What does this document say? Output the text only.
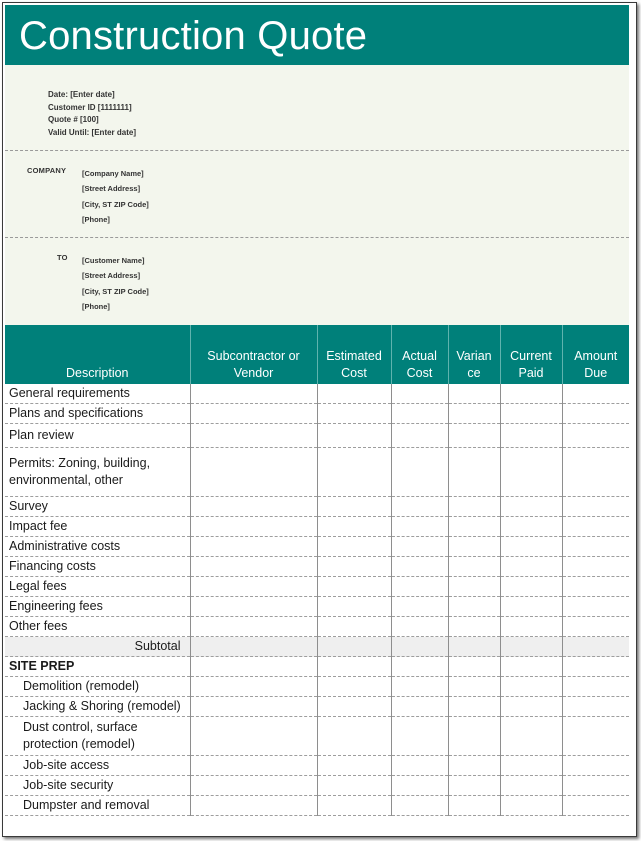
Construction Quote
Date: [Enter date]
Customer ID [1111111]
Quote # [100]
Valid Until: [Enter date]
COMPANY [Company Name]
[Street Address]
[City, ST ZIP Code]
[Phone]
TO [Customer Name]
[Street Address]
[City, ST ZIP Code]
[Phone]
Description	Subcontractor or Vendor	Estimated Cost	Actual Cost	Varian ce	Current Paid	Amount Due
General requirements						
Plans and specifications						
Plan review						
Permits: Zoning, building, environmental, other						
Survey						
Impact fee						
Administrative costs						
Financing costs						
Legal fees						
Engineering fees						
Other fees						
Subtotal						
SITE PREP						
Demolition (remodel)						
Jacking & Shoring (remodel)						
Dust control, surface protection (remodel)						
Job-site access						
Job-site security						
Dumpster and removal						
